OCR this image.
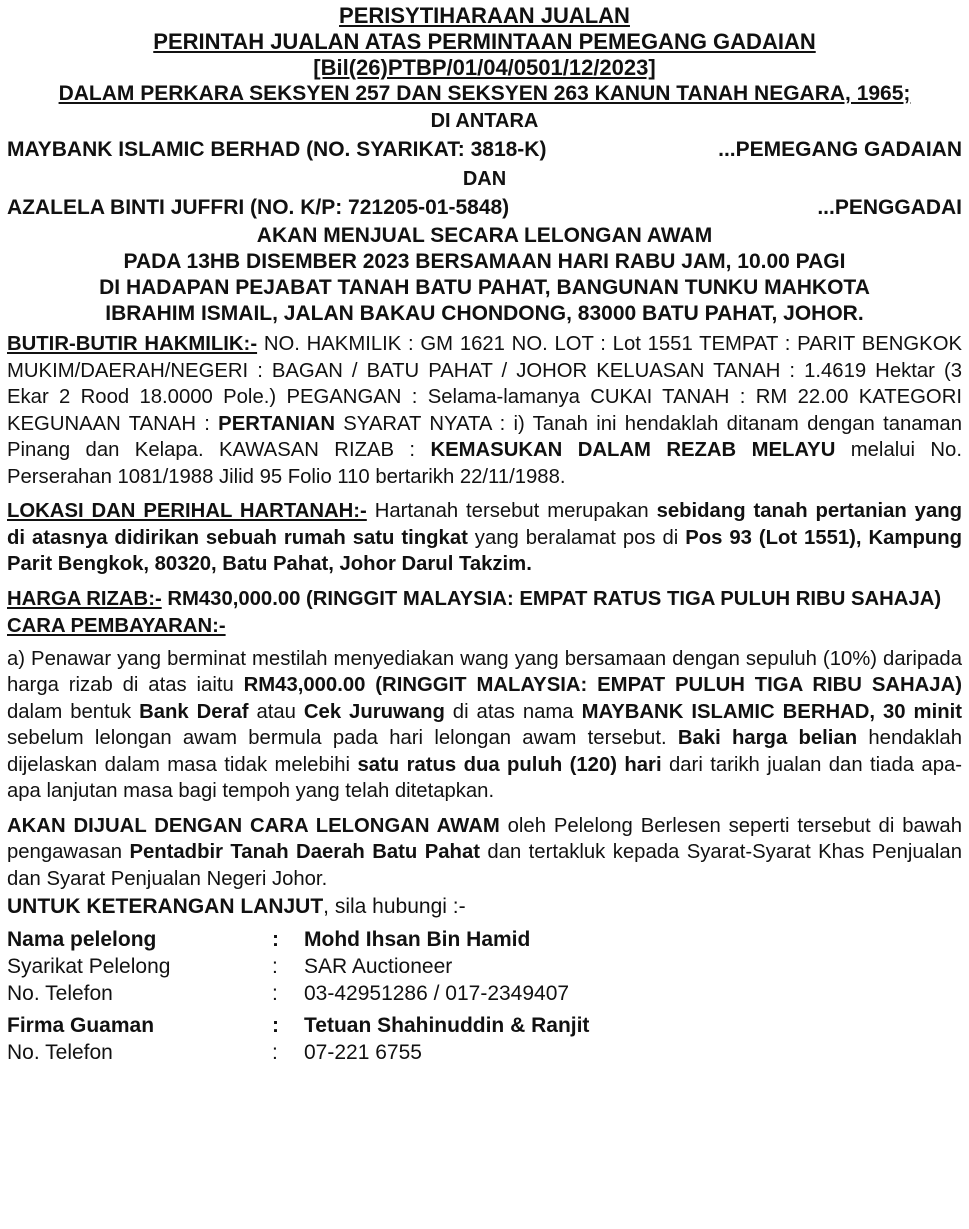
PERISYTIHARAAN JUALAN
PERINTAH JUALAN ATAS PERMINTAAN PEMEGANG GADAIAN
[Bil(26)PTBP/01/04/0501/12/2023]
DALAM PERKARA SEKSYEN 257 DAN SEKSYEN 263 KANUN TANAH NEGARA, 1965;
DI ANTARA
MAYBANK ISLAMIC BERHAD (NO. SYARIKAT: 3818-K)	...PEMEGANG GADAIAN
DAN
AZALELA BINTI JUFFRI (NO. K/P: 721205-01-5848)	...PENGGADAI
AKAN MENJUAL SECARA LELONGAN AWAM
PADA 13HB DISEMBER 2023 BERSAMAAN HARI RABU JAM, 10.00 PAGI
DI HADAPAN PEJABAT TANAH BATU PAHAT, BANGUNAN TUNKU MAHKOTA
IBRAHIM ISMAIL, JALAN BAKAU CHONDONG, 83000 BATU PAHAT, JOHOR.

BUTIR-BUTIR HAKMILIK:- NO. HAKMILIK : GM 1621 NO. LOT : Lot 1551 TEMPAT : PARIT BENGKOK MUKIM/DAERAH/NEGERI : BAGAN / BATU PAHAT / JOHOR KELUASAN TANAH : 1.4619 Hektar (3 Ekar 2 Rood 18.0000 Pole.) PEGANGAN : Selama-lamanya CUKAI TANAH : RM 22.00 KATEGORI KEGUNAAN TANAH : PERTANIAN SYARAT NYATA : i) Tanah ini hendaklah ditanam dengan tanaman Pinang dan Kelapa. KAWASAN RIZAB : KEMASUKAN DALAM REZAB MELAYU melalui No. Perserahan 1081/1988 Jilid 95 Folio 110 bertarikh 22/11/1988.

LOKASI DAN PERIHAL HARTANAH:- Hartanah tersebut merupakan sebidang tanah pertanian yang di atasnya didirikan sebuah rumah satu tingkat yang beralamat pos di Pos 93 (Lot 1551), Kampung Parit Bengkok, 80320, Batu Pahat, Johor Darul Takzim.

HARGA RIZAB:- RM430,000.00 (RINGGIT MALAYSIA: EMPAT RATUS TIGA PULUH RIBU SAHAJA)

CARA PEMBAYARAN:-

a) Penawar yang berminat mestilah menyediakan wang yang bersamaan dengan sepuluh (10%) daripada harga rizab di atas iaitu RM43,000.00 (RINGGIT MALAYSIA: EMPAT PULUH TIGA RIBU SAHAJA) dalam bentuk Bank Deraf atau Cek Juruwang di atas nama MAYBANK ISLAMIC BERHAD, 30 minit sebelum lelongan awam bermula pada hari lelongan awam tersebut. Baki harga belian hendaklah dijelaskan dalam masa tidak melebihi satu ratus dua puluh (120) hari dari tarikh jualan dan tiada apa-apa lanjutan masa bagi tempoh yang telah ditetapkan.

AKAN DIJUAL DENGAN CARA LELONGAN AWAM oleh Pelelong Berlesen seperti tersebut di bawah pengawasan Pentadbir Tanah Daerah Batu Pahat dan tertakluk kepada Syarat-Syarat Khas Penjualan dan Syarat Penjualan Negeri Johor.

UNTUK KETERANGAN LANJUT, sila hubungi :-
Nama pelelong	:	Mohd Ihsan Bin Hamid
Syarikat Pelelong	:	SAR Auctioneer
No. Telefon	:	03-42951286 / 017-2349407
Firma Guaman	:	Tetuan Shahinuddin & Ranjit
No. Telefon	:	07-221 6755
